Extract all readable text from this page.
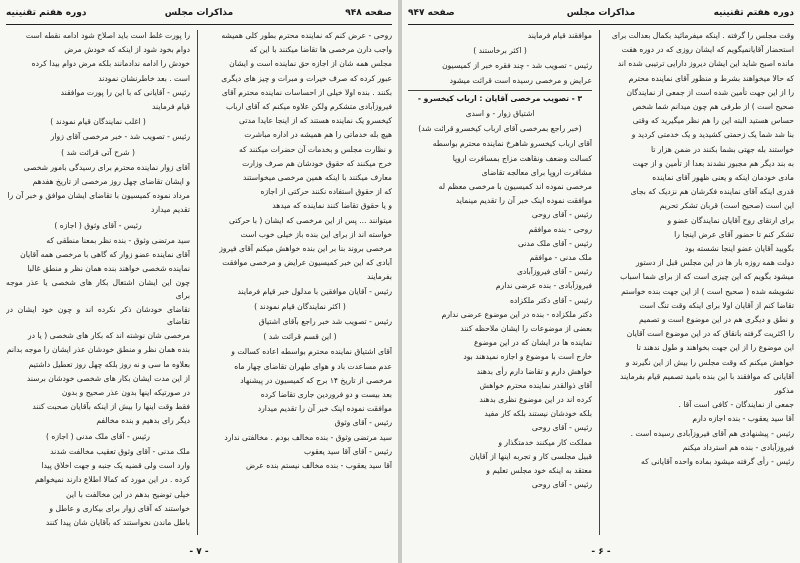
صفحه ۹۴۸
مذاکرات مجلس
دوره هفتم تقنینیه

روحی - عرض کنم که نماینده محترم بطور کلی همیشه

واجب دارن مرخصی ها تقاضا میکنند با این که

مجلس همه شان از اجازه حق نماینده است و ایشان

عبور کرده که صرف خیرات و مبرات و چیز های دیگری

بکنند . بنده اولا خیلی از احساسات نماینده محترم آقای

فیروزآبادی متشکرم ولکن علاوه میکنم که آقای ارباب

کیخسرو یک نماینده هستند که از اینجا عایدا مدتی

هیچ بله خدماتی را هم همیشه در اداره مباشرت

و نظارت مجلس و بخدمات آن حضرات میکنند که

خرج میکنند که حقوق خودشان هم صرف وزارت

معارف میکنند با اینکه همین مرخصی میخواستند

که از حقوق استفاده نکنند حرکتی از اجازه

و یا حقوق تقاضا کنند نماینده که میدهد

میتوانند ... پس از این مرخصی که ایشان ( با حرکتی

خواسته اند از برای این بنده باز خیلی خوب است

مرخصی بروند بنا بر این بنده خواهش میکنم آقای فیروز

آبادی که این خبر کمیسیون عرایض و مرخصی موافقت

بفرمایند

رئیس - آقایان موافقین با مدلول خبر قیام فرمایند

( اکثر نمایندگان قیام نمودند )

رئیس - تصویب شد خبر راجع بآقای اشتیاق

( این قسم قرائت شد )

آقای اشتیاق نماینده محترم بواسطه اعاده کسالت و

عدم مساعدت باد و هوای طهران تقاضای چهار ماه

مرخصی از تاریخ ۱۴ برج که کمیسیون در پیشنهاد

بعد بیست و دو فروردین جاری تقاضا کرده

موافقت نموده اینک خبر آن را تقدیم میدارد

رئیس - آقای وثوق

سید مرتضی وثوق - بنده مخالف بودم . مخالفتی ندارد

رئیس - آقای آقا سید یعقوب

آقا سید یعقوب - بنده مخالف نیستم بنده عرض

را پورت غلط است باید اصلاح شود ادامه نقطه است

دوام بخود شود از اینکه که خودش مرض

خودش را ادامه ندادمانند بلکه مرض دوام بیدا کرده

است . بعد خاطرنشان نمودند

رئیس - آقایانی که با این را پورت موافقند

قیام فرمایند

( اغلب نمایندگان قیام نمودند )

رئیس - تصویب شد - خبر مرخصی آقای زوار

( شرح آتی قرائت شد )

آقای زوار نماینده محترم برای رسیدگی بامور شخصی

و ایشان تقاضای چهل روز مرخصی از تاریخ هفدهم

مرداد نموده کمیسیون با تقاضای ایشان موافق و خبر آن را

تقدیم میدارد

رئیس - آقای وثوق ( اجازه )

سید مرتضی وثوق - بنده نظر بمعنا منطقی که

آقای نماینده عضو زوار که گاهی با مرخصی همه آقایان

نماینده شخصی خواهند بنده همان نظر و منطق غالبا

چون این ایشان اشتغال بکار های شخصی یا عذر موجه برای

تقاضای خودشان ذکر نکرده اند و چون خود ایشان در تقاضای

مرخصی شان نوشته اند که بکار های شخصی ( یا در

بنده همان نظر و منطق خودشان عذر ایشان را موجه بدانم

بعلاوه ما سی و نه روز بلکه چهل روز تعطیل داشتیم

از این مدت ایشان بکار های شخصی خودشان برسند

در صورتیکه اینها بدون عذر صحیح و بدون

فقط وقت اینها را بیش از اینکه بآقایان صحبت کنند

دیگر رای بدهیم و بنده مخالفم

رئیس - آقای ملک مدنی ( اجازه )

ملک مدنی - آقای وثوق تعقیب مخالفت شدند

وارد است ولی قضیه یک جنبه و جهت اخلاق پیدا

کرده . در این مورد که کمالا اطلاع دارند نمیخواهم

خیلی توضیح بدهم در این مخالفت با این

خواستند که آقای زوار برای بیکاری و عاطل و

باطل ماندن نخواستند که بآقایان شان پیدا کنند

- ۷ -
دوره هفتم تقنینیه
مذاکرات مجلس
صفحه ۹۴۷

وقت مجلس را گرفته . اینکه میفرمائید بکمال بعدالت برای

استحضار آقایانمیگویم که ایشان روزی که در دوره هفت

مانده اصبح شاید این ایشان دیروز دارایی ترتیبی شده اند

که حالا میخواهند بشرط و منظور آقای نماینده محترم

را از این جهت تأمین شده است از جمعی از نمایندگان

صحیح است ) از طرفی هم چون میدانم شما شخص

حساس هستید البته این را هم نظر میگیرید که وقتی

بنا شد شما یک زحمتی کشیدید و یک خدمتی کردید و

خواستند بله جهتی بشما بکنند در ضمن هزار تا

به بند دیگر هم مجبور نشدند بعدا از تأمین و از جهت

مادی خودمان اینکه و یعنی ظهور آقای نماینده

قدری اینکه آقای نماینده فکرشان هم نزدیک که بجای

این است (صحیح است) قربان تشکر تحریم

برای ارتقای روح آقایان نمایندگان عضو و

تشکر کنم تا حضور آقای عرض اینجا را

بگویید آقایان عضو اینجا نشسته بود

دولت همه روزه بار ها در این مجلس قبل از دستور

میشود بگویم که این چیزی است که از برای شما اسباب

نشویشه شده ( صحیح است ) از این جهت بنده خواستم

تقاضا کنم از آقایان اولا برای اینکه وقت تنگ است

و نطق و دیگری هم در این موضوع است و تصمیم

را اکثریت گرفته بانقاق که در این موضوع است آقایان

این موضوع را از این جهت بخواهند و طول ندهند تا

خواهش میکنم که وقت مجلس را بیش از این نگیرند و

آقایانی که موافقند با این بنده بامید تصمیم قیام بفرمایند

مذکور

جمعی از نمایندگان - کافی است آقا .

آقا سید یعقوب - بنده اجازه دارم

رئیس - پیشنهادی هم آقای فیروزآبادی رسیده است .

فیروزآبادی - بنده هم استرداد میکنم

رئیس - رأی گرفته میشود بماده واحده آقایانی که

موافقند قیام فرمایند

( اکثر برخاستند )

رئیس - تصویب شد - چند فقره خبر از کمیسیون

عرایض و مرخصی رسیده است قرائت میشود

۳ - تصویب مرخصی آقایان : ارباب کیخسرو -

اشتیاق زوار - و اسدی

(خبر راجع بمرخصی آقای ارباب کیخسرو قرائت شد)

آقای ارباب کیخسرو شاهرخ نماینده محترم بواسطه

کسالت وضعف ونقاهت مزاج بمسافرت اروپا

مشافرت اروپا برای معالجه تقاضای

مرخصی نموده اند کمیسیون با مرخصی معظم له

موافقت نموده اینک خبر آن را تقدیم مینماید

رئیس - آقای روحی

روحی - بنده موافقم

رئیس - آقای ملک مدنی

ملک مدنی - موافقم

رئیس - آقای فیروزآبادی

فیروزآبادی - بنده عرضی ندارم

رئیس - آقای دکتر ملکزاده

دکتر ملکزاده - بنده در این موضوع عرضی ندارم

بعضی از موضوعات را ایشان ملاحظه کنند

نماینده ها در ایشان که در این موضوع

خارج است با موضوع و اجازه نمیدهند بود

خواهش دارم و تقاضا دارم رأی بدهند

آقای ذوالقدر نماینده محترم خواهش

کرده اند در این موضوع نظری بدهند

بلکه خودشان نیستند بلکه کار مفید

رئیس - آقای روحی

مملکت کار میکنند خدمتگذار و

قبیل مجلسی کار و تجربه اینها از آقایان

معتقد به اینکه خود مجلس تعلیم و

رئیس - آقای روحی

- ۶ -
